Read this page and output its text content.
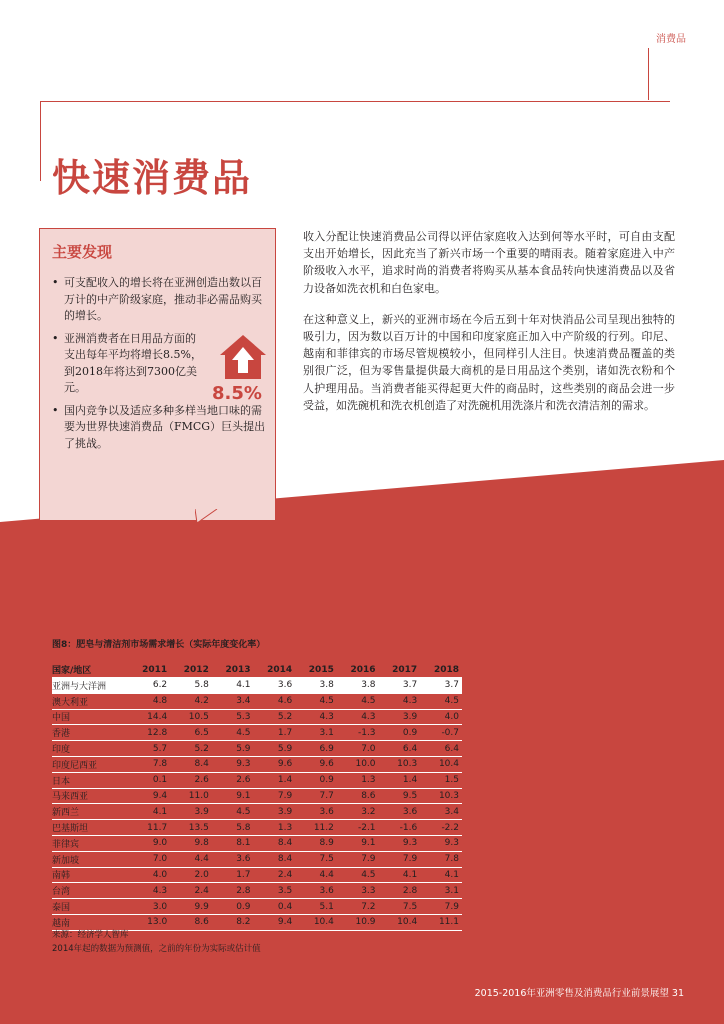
消费品
快速消费品
主要发现
• 可支配收入的增长将在亚洲创造出数以百万计的中产阶级家庭，推动非必需品购买的增长。
• 亚洲消费者在日用品方面的支出每年平均将增长8.5%，到2018年将达到7300亿美元。
• 国内竞争以及适应多种多样当地口味的需要为世界快速消费品（FMCG）巨头提出了挑战。
8.5%

收入分配让快速消费品公司得以评估家庭收入达到何等水平时，可自由支配支出开始增长，因此充当了新兴市场一个重要的晴雨表。随着家庭进入中产阶级收入水平，追求时尚的消费者将购买从基本食品转向快速消费品以及省力设备如洗衣机和白色家电。

在这种意义上，新兴的亚洲市场在今后五到十年对快消品公司呈现出独特的吸引力，因为数以百万计的中国和印度家庭正加入中产阶级的行列。印尼、越南和菲律宾的市场尽管规模较小，但同样引人注目。快速消费品覆盖的类别很广泛，但为零售量提供最大商机的是日用品这个类别，诸如洗衣粉和个人护理用品。当消费者能买得起更大件的商品时，这些类别的商品会进一步受益，如洗碗机和洗衣机创造了对洗碗机用洗涤片和洗衣清洁剂的需求。

图8：肥皂与清洁剂市场需求增长（实际年度变化率）
国家/地区	2011	2012	2013	2014	2015	2016	2017	2018
亚洲与大洋洲	6.2	5.8	4.1	3.6	3.8	3.8	3.7	3.7
澳大利亚	4.8	4.2	3.4	4.6	4.5	4.5	4.3	4.5
中国	14.4	10.5	5.3	5.2	4.3	4.3	3.9	4.0
香港	12.8	6.5	4.5	1.7	3.1	-1.3	0.9	-0.7
印度	5.7	5.2	5.9	5.9	6.9	7.0	6.4	6.4
印度尼西亚	7.8	8.4	9.3	9.6	9.6	10.0	10.3	10.4
日本	0.1	2.6	2.6	1.4	0.9	1.3	1.4	1.5
马来西亚	9.4	11.0	9.1	7.9	7.7	8.6	9.5	10.3
新西兰	4.1	3.9	4.5	3.9	3.6	3.2	3.6	3.4
巴基斯坦	11.7	13.5	5.8	1.3	11.2	-2.1	-1.6	-2.2
菲律宾	9.0	9.8	8.1	8.4	8.9	9.1	9.3	9.3
新加坡	7.0	4.4	3.6	8.4	7.5	7.9	7.9	7.8
南韩	4.0	2.0	1.7	2.4	4.4	4.5	4.1	4.1
台湾	4.3	2.4	2.8	3.5	3.6	3.3	2.8	3.1
泰国	3.0	9.9	0.9	0.4	5.1	7.2	7.5	7.9
越南	13.0	8.6	8.2	9.4	10.4	10.9	10.4	11.1
来源：经济学人智库
2014年起的数据为预测值，之前的年份为实际或估计值
2015-2016年亚洲零售及消费品行业前景展望 31
